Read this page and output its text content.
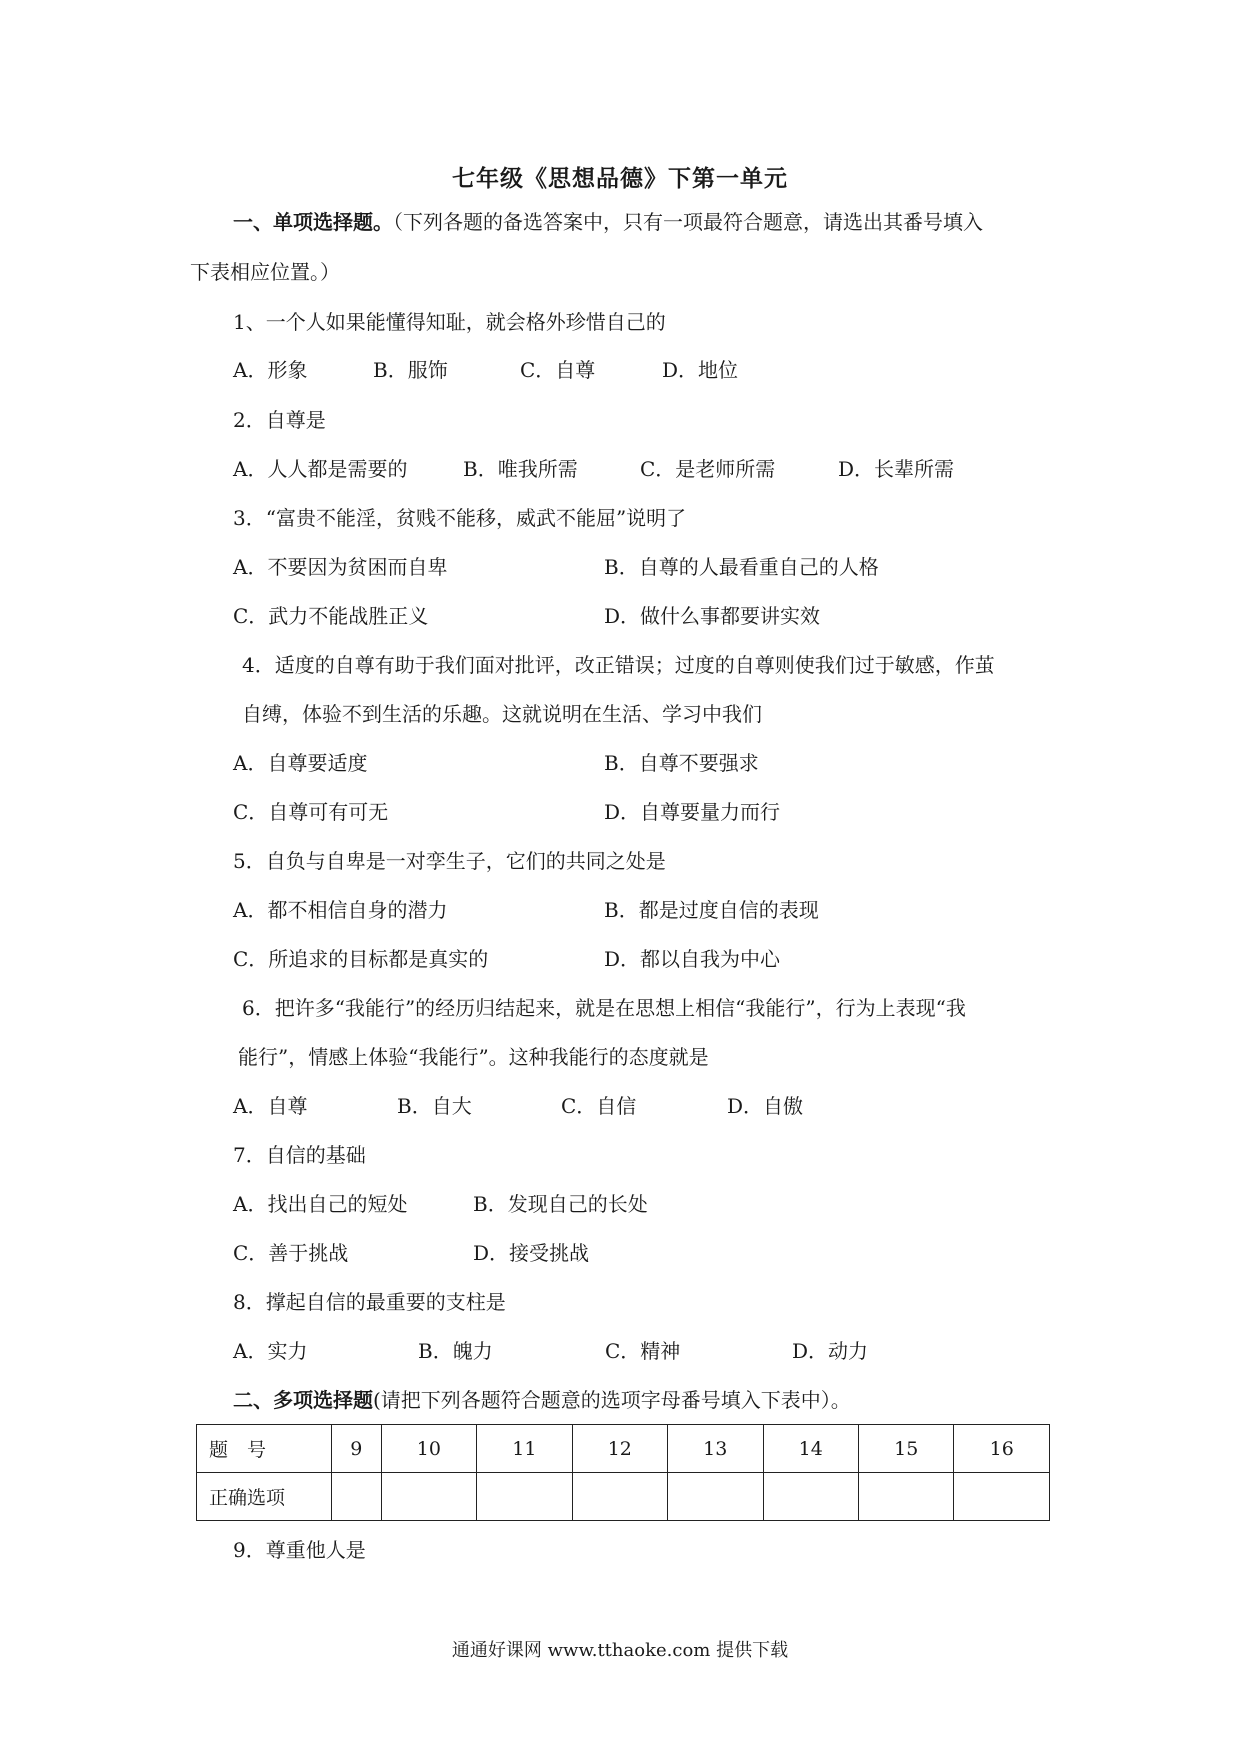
七年级《思想品德》下第一单元
一、单项选择题。（下列各题的备选答案中，只有一项最符合题意，请选出其番号填入
下表相应位置。）
1、一个人如果能懂得知耻，就会格外珍惜自己的
A．形象	B．服饰	C．自尊	D．地位
2．自尊是
A．人人都是需要的	B．唯我所需	C．是老师所需	D．长辈所需
3．“富贵不能淫，贫贱不能移，威武不能屈”说明了
A．不要因为贫困而自卑	B．自尊的人最看重自己的人格
C．武力不能战胜正义	D．做什么事都要讲实效
4．适度的自尊有助于我们面对批评，改正错误；过度的自尊则使我们过于敏感，作茧
自缚，体验不到生活的乐趣。这就说明在生活、学习中我们
A．自尊要适度	B．自尊不要强求
C．自尊可有可无	D．自尊要量力而行
5．自负与自卑是一对孪生子，它们的共同之处是
A．都不相信自身的潜力	B．都是过度自信的表现
C．所追求的目标都是真实的	D．都以自我为中心
6．把许多“我能行”的经历归结起来，就是在思想上相信“我能行”，行为上表现“我
能行”，情感上体验“我能行”。这种我能行的态度就是
A．自尊	B．自大	C．自信	D．自傲
7．自信的基础
A．找出自己的短处	B．发现自己的长处
C．善于挑战	D．接受挑战
8．撑起自信的最重要的支柱是
A．实力	B．魄力	C．精神	D．动力
二、多项选择题(请把下列各题符合题意的选项字母番号填入下表中）。
题　号	9	10	11	12	13	14	15	16
正确选项								
9．尊重他人是
通通好课网 www.tthaoke.com 提供下载
